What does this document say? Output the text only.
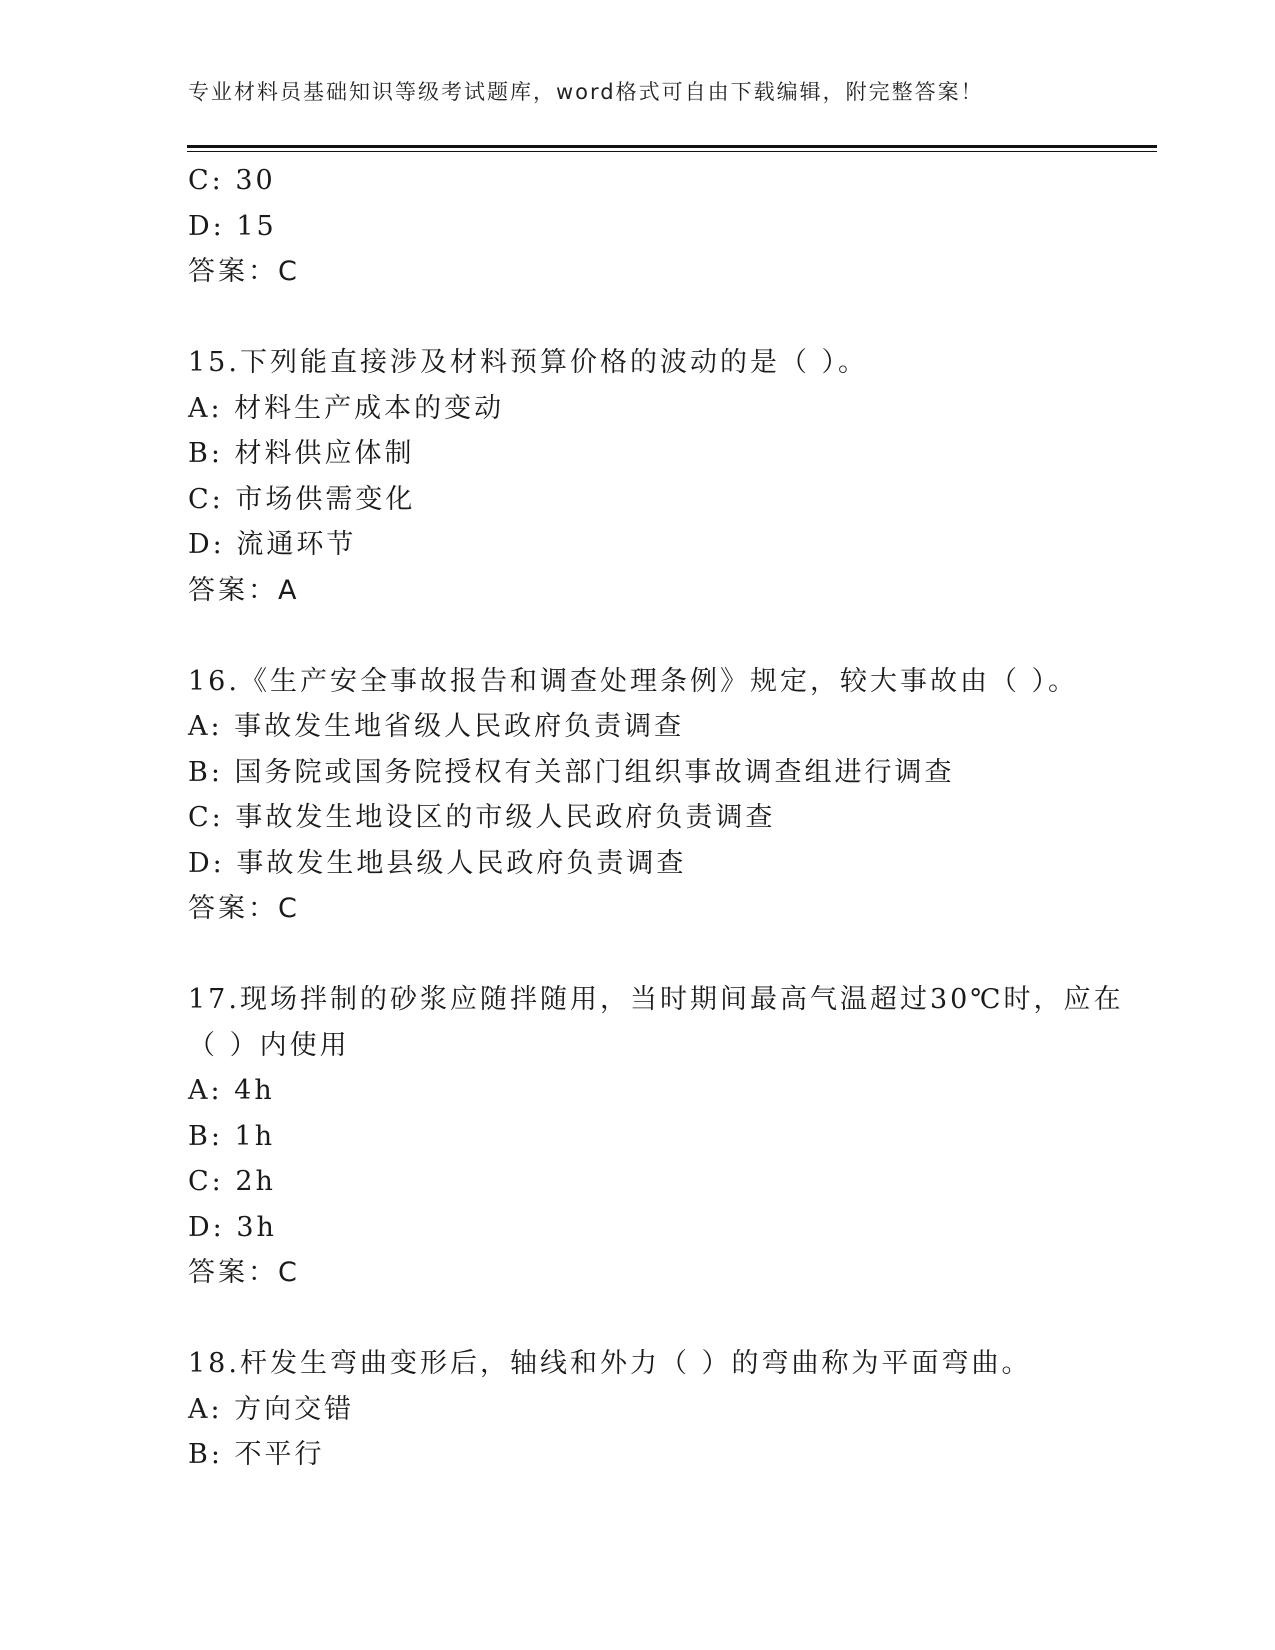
专业材料员基础知识等级考试题库，word格式可自由下载编辑，附完整答案！
C: 30
D: 15
答案：C
15.下列能直接涉及材料预算价格的波动的是（ ）。
A: 材料生产成本的变动
B: 材料供应体制
C: 市场供需变化
D: 流通环节
答案：A
16.《生产安全事故报告和调查处理条例》规定，较大事故由（ ）。
A: 事故发生地省级人民政府负责调查
B: 国务院或国务院授权有关部门组织事故调查组进行调查
C: 事故发生地设区的市级人民政府负责调查
D: 事故发生地县级人民政府负责调查
答案：C
17.现场拌制的砂浆应随拌随用，当时期间最高气温超过30℃时，应在
（ ）内使用
A: 4h
B: 1h
C: 2h
D: 3h
答案：C
18.杆发生弯曲变形后，轴线和外力（ ）的弯曲称为平面弯曲。
A: 方向交错
B: 不平行
